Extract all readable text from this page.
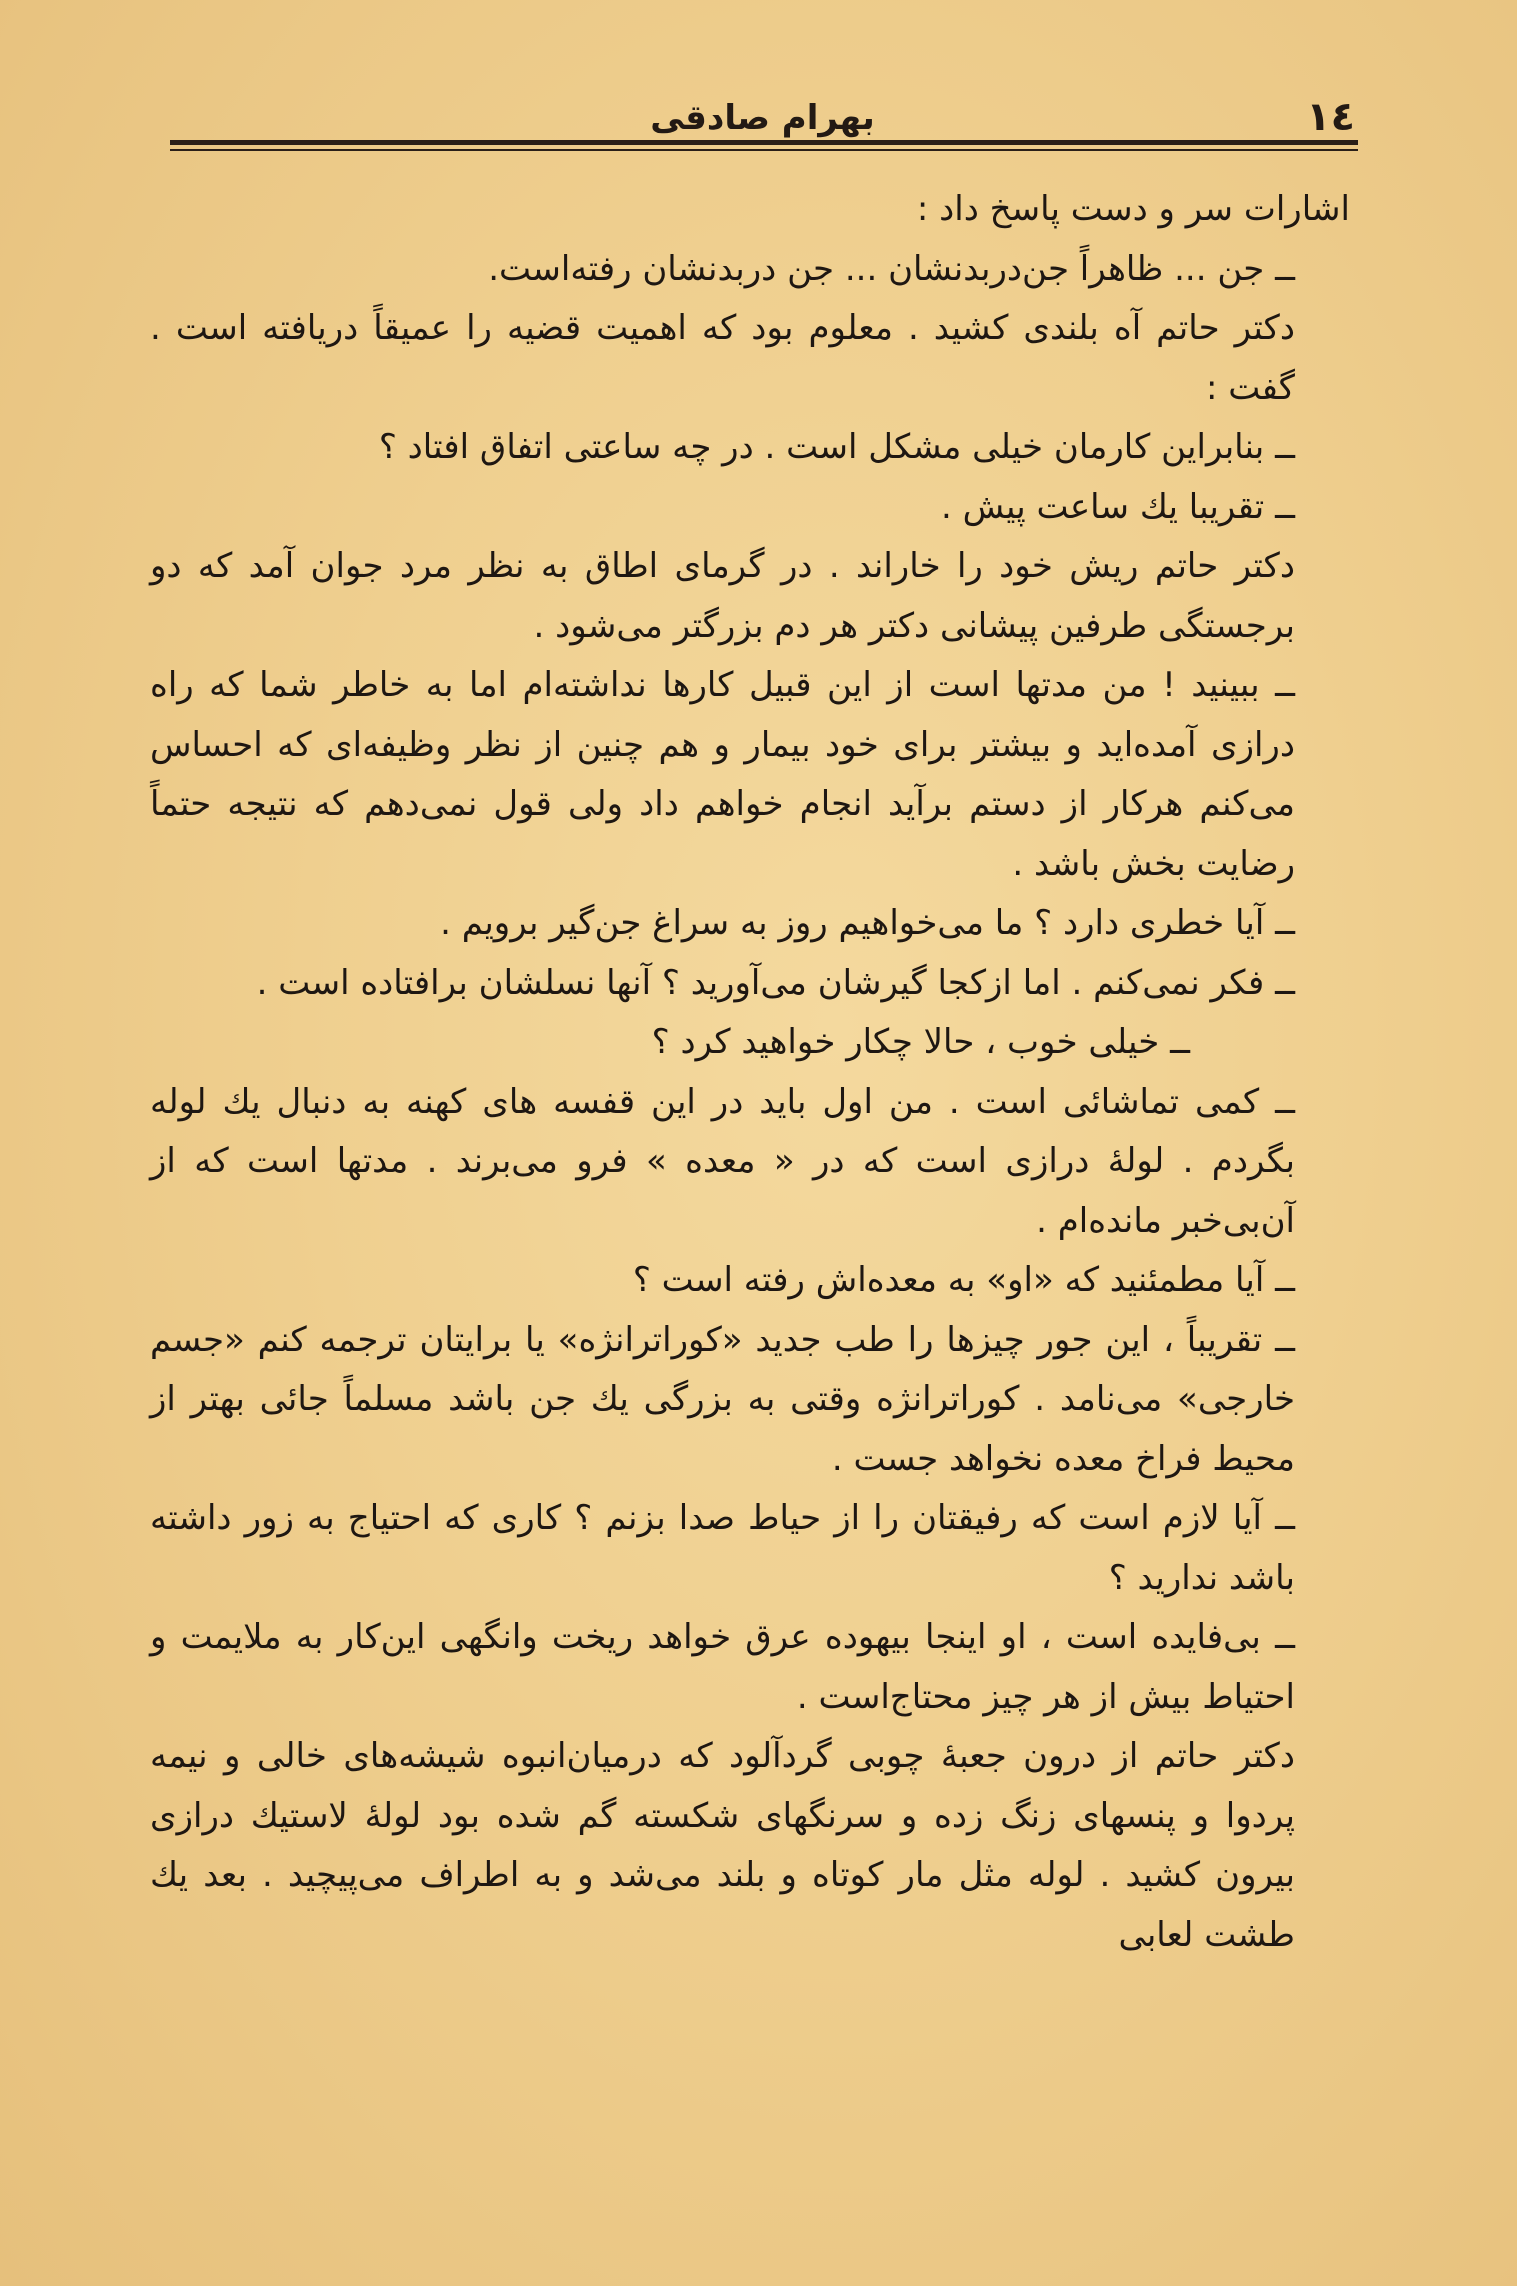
١٤
بهرام صادقی

اشارات سر و دست پاسخ داد :

ــ جن ... ظاهراً جن‌دربدنشان ... جن دربدنشان رفته‌است.

دکتر حاتم آه بلندی کشید . معلوم بود که اهمیت قضیه را عمیقاً دریافته است . گفت :

ــ بنابراین کارمان خیلی مشکل است . در چه ساعتی اتفاق افتاد ؟

ــ تقریبا یك ساعت پیش .

دکتر حاتم ریش خود را خاراند . در گرمای اطاق به نظر مرد جوان آمد که دو برجستگی طرفین پیشانی دکتر هر دم بزرگتر می‌شود .

ــ ببینید ! من مدتها است از این قبیل کارها نداشته‌ام اما به خاطر شما که راه درازی آمده‌اید و بیشتر برای خود بیمار و هم چنین از نظر وظیفه‌ای که احساس می‌کنم هرکار از دستم برآید انجام خواهم داد ولی قول نمی‌دهم که نتیجه حتماً رضایت بخش باشد .

ــ آیا خطری دارد ؟ ما می‌خواهیم روز به سراغ جن‌گیر برویم .

ــ فکر نمی‌کنم . اما ازکجا گیرشان می‌آورید ؟ آنها نسلشان برافتاده است .

ــ خیلی خوب ، حالا چکار خواهید کرد ؟

ــ کمی تماشائی است . من اول باید در این قفسه های کهنه به دنبال یك لوله بگردم . لولهٔ درازی است که در « معده » فرو می‌برند . مدتها است که از آن‌بی‌خبر مانده‌ام .

ــ آیا مطمئنید که «او» به معده‌اش رفته است ؟

ــ تقریباً ، این جور چیزها را طب جدید «کوراترانژه» یا برایتان ترجمه کنم «جسم خارجی» می‌نامد . کوراترانژه وقتی به بزرگی یك جن باشد مسلماً جائی بهتر از محیط فراخ معده نخواهد جست .

ــ آیا لازم است که رفیقتان را از حیاط صدا بزنم ؟ کاری که احتیاج به زور داشته باشد ندارید ؟

ــ بی‌فایده است ، او اینجا بیهوده عرق خواهد ریخت وانگهی این‌کار به ملایمت و احتیاط بیش از هر چیز محتاج‌است .

دکتر حاتم از درون جعبهٔ چوبی گردآلود که درمیان‌انبوه شیشه‌های خالی و نیمه پردوا و پنسهای زنگ زده و سرنگهای شکسته گم شده بود لولهٔ لاستیك درازی بیرون کشید . لوله مثل مار کوتاه و بلند می‌شد و به اطراف می‌پیچید . بعد یك طشت لعابی
